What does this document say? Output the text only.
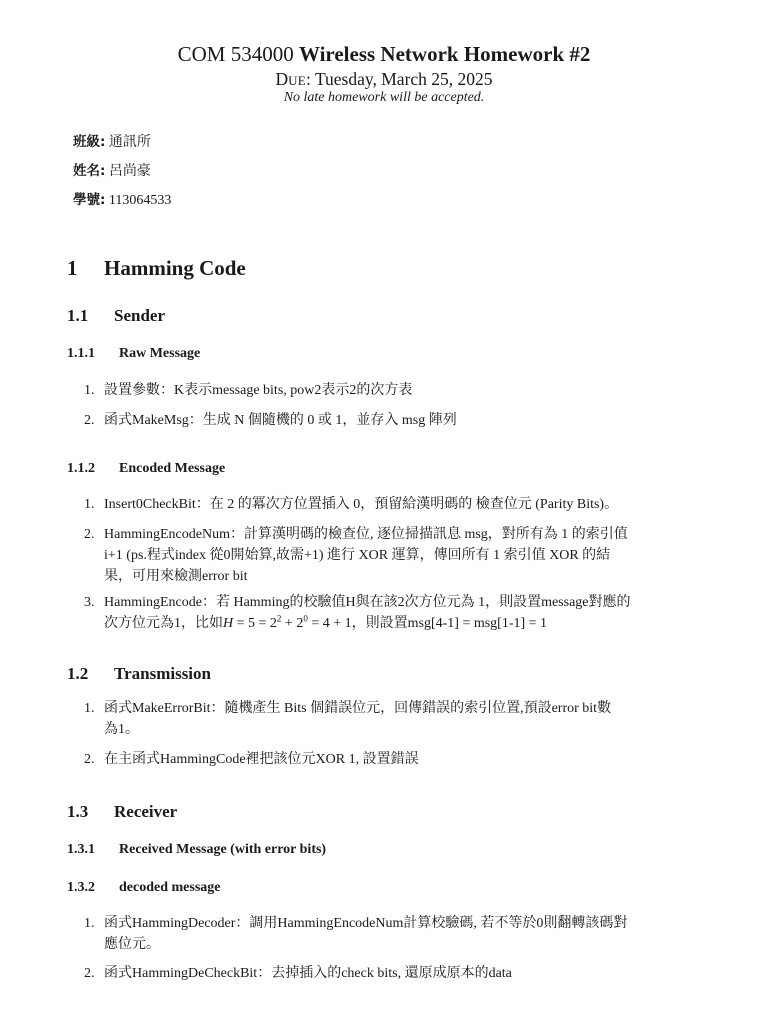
COM 534000 Wireless Network Homework #2
DUE: Tuesday, March 25, 2025
No late homework will be accepted.
班級: 通訊所
姓名: 呂尚豪
學號: 113064533
1 Hamming Code
1.1 Sender
1.1.1 Raw Message
1. 設置參數：K表示message bits, pow2表示2的次方表
2. 函式MakeMsg：生成 N 個隨機的 0 或 1，並存入 msg 陣列
1.1.2 Encoded Message
1. Insert0CheckBit：在 2 的冪次方位置插入 0，預留給漢明碼的 檢查位元 (Parity Bits)。
2. HammingEncodeNum：計算漢明碼的檢查位, 逐位掃描訊息 msg，對所有為 1 的索引值
i+1 (ps.程式index 從0開始算,故需+1) 進行 XOR 運算，傳回所有 1 索引值 XOR 的結
果，可用來檢測error bit
3. HammingEncode：若 Hamming的校驗值H與在該2次方位元為 1，則設置message對應的
次方位元為1，比如$H = 5 = 2^2 + 2^0 = 4 + 1$，則設置msg[4-1] = msg[1-1] = 1
1.2 Transmission
1. 函式MakeErrorBit：隨機產生 Bits 個錯誤位元，回傳錯誤的索引位置,預設error bit數
為1。
2. 在主函式HammingCode裡把該位元XOR 1, 設置錯誤
1.3 Receiver
1.3.1 Received Message (with error bits)
1.3.2 decoded message
1. 函式HammingDecoder：調用HammingEncodeNum計算校驗碼, 若不等於0則翻轉該碼對
應位元。
2. 函式HammingDeCheckBit：去掉插入的check bits, 還原成原本的data
